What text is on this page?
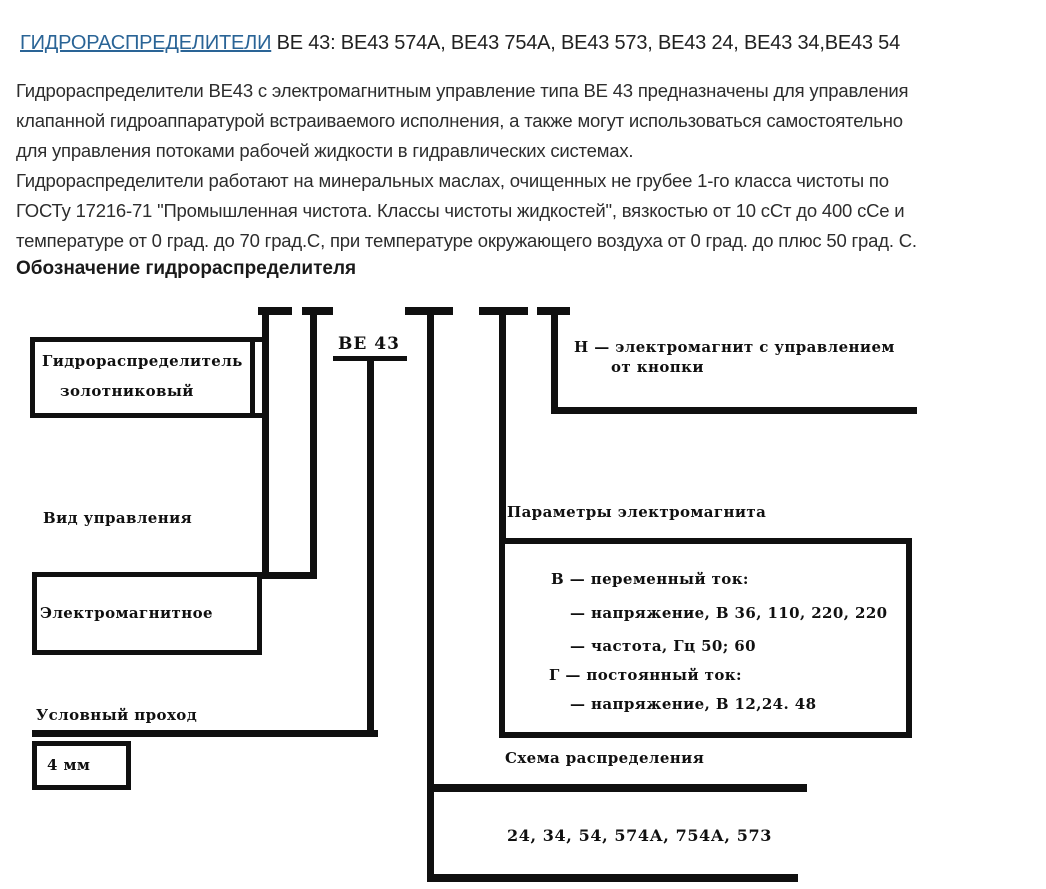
ГИДРОРАСПРЕДЕЛИТЕЛИ ВЕ 43: ВЕ43 574А, ВЕ43 754А, ВЕ43 573, ВЕ43 24, ВЕ43 34,ВЕ43 54
Гидрораспределители ВЕ43 с электромагнитным управление типа ВЕ 43 предназначены для управления
клапанной гидроаппаратурой встраиваемого исполнения, а также могут использоваться самостоятельно
для управления потоками рабочей жидкости в гидравлических системах.
Гидрораспределители работают на минеральных маслах, очищенных не грубее 1-го класса чистоты по
ГОСТу 17216-71 "Промышленная чистота. Классы чистоты жидкостей", вязкостью от 10 сСт до 400 сСе и
температуре от 0 град. до 70 град.С, при температуре окружающего воздуха от 0 град. до плюс 50 град. С.
Обозначение гидрораспределителя
ВЕ 43
Гидрораспределитель
золотниковый
Вид управления
Электромагнитное
Условный проход
4 мм
Н — электромагнит с управлением
от кнопки
Параметры электромагнита
В — переменный ток:
— напряжение, В 36, 110, 220, 220
— частота, Гц 50; 60
Г — постоянный ток:
— напряжение, В 12,24. 48
Схема распределения
24, 34, 54, 574А, 754А, 573
